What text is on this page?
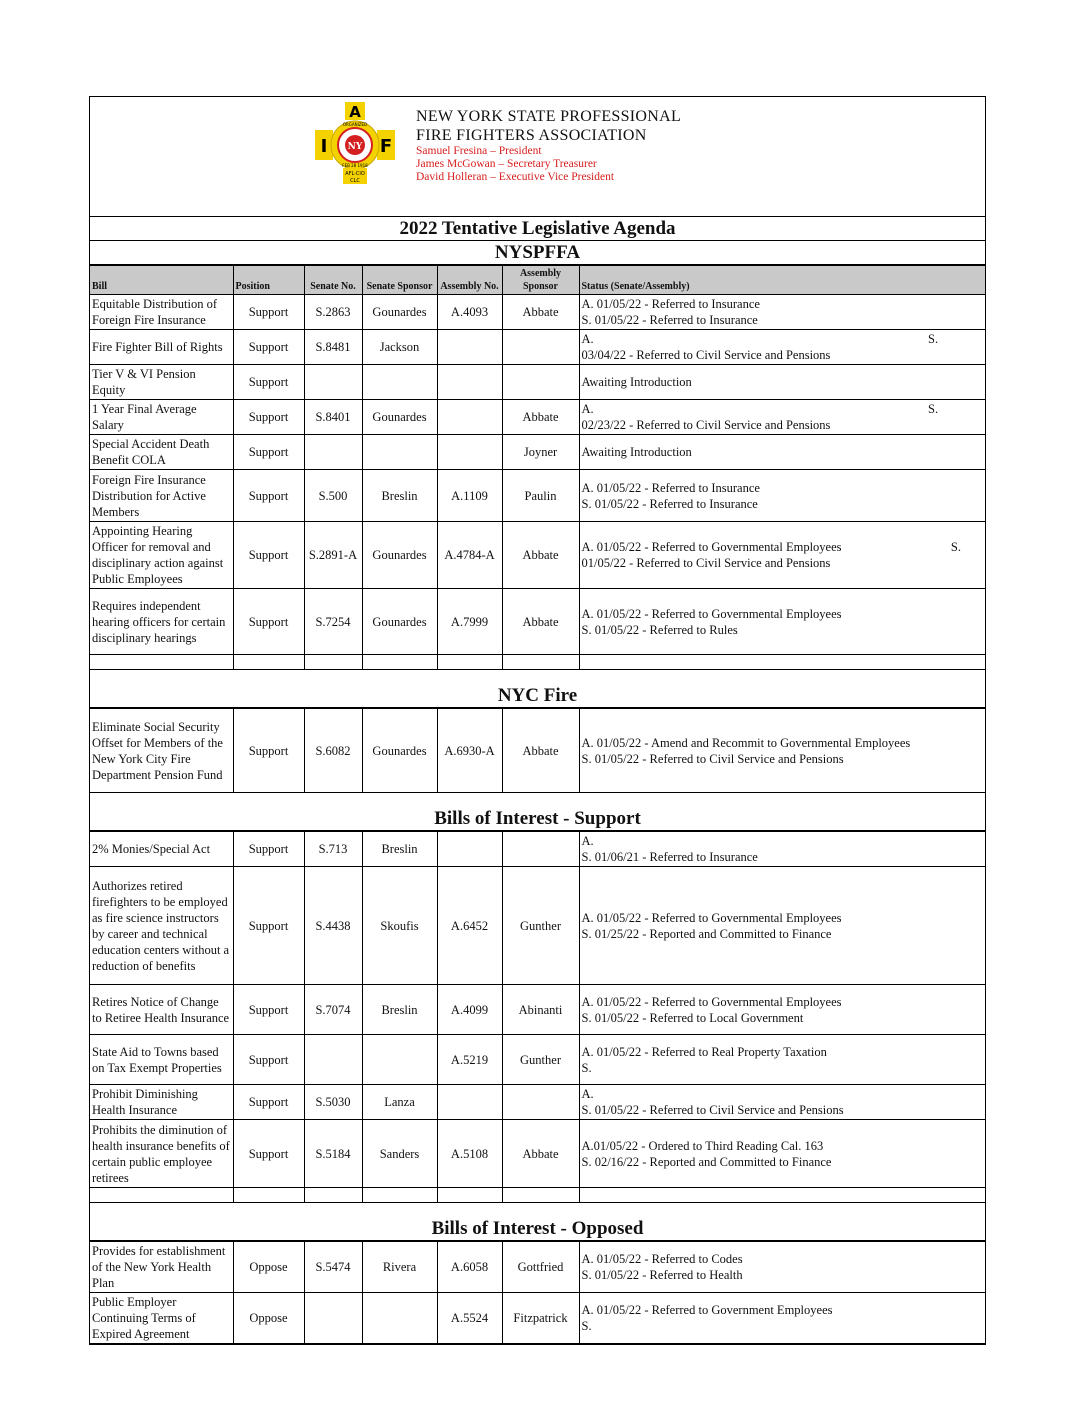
A
I	F
NY
ORGANIZED
FEB 28 1918
AFL·CIO
CLC
NEW YORK STATE PROFESSIONAL
FIRE FIGHTERS ASSOCIATION
Samuel Fresina – President
James McGowan – Secretary Treasurer
David Holleran – Executive Vice President
2022 Tentative Legislative Agenda
NYSPFFA
Bill	Position	Senate No.	Senate Sponsor	Assembly No.	Assembly Sponsor	Status (Senate/Assembly)
Equitable Distribution of Foreign Fire Insurance	Support	S.2863	Gounardes	A.4093	Abbate	A. 01/05/22 - Referred to Insurance
S. 01/05/22 - Referred to Insurance

Fire Fighter Bill of Rights	Support	S.8481	Jackson			A.                                                                                                           S.
03/04/22 - Referred to Civil Service and Pensions

Tier V & VI Pension Equity	Support					Awaiting Introduction

1 Year Final Average Salary	Support	S.8401	Gounardes		Abbate	A.                                                                                                           S.
02/23/22 - Referred to Civil Service and Pensions

Special Accident Death Benefit COLA	Support				Joyner	Awaiting Introduction

Foreign Fire Insurance Distribution for Active Members	Support	S.500	Breslin	A.1109	Paulin	A. 01/05/22 - Referred to Insurance
S. 01/05/22 - Referred to Insurance

Appointing Hearing Officer for removal and disciplinary action against Public Employees	Support	S.2891-A	Gounardes	A.4784-A	Abbate	A. 01/05/22 - Referred to Governmental Employees                                   S.
01/05/22 - Referred to Civil Service and Pensions

Requires independent hearing officers for certain disciplinary hearings	Support	S.7254	Gounardes	A.7999	Abbate	A. 01/05/22 - Referred to Governmental Employees
S. 01/05/22 - Referred to Rules

NYC Fire
Eliminate Social Security Offset for Members of the New York City Fire Department Pension Fund	Support	S.6082	Gounardes	A.6930-A	Abbate	
A. 01/05/22 - Amend and Recommit to Governmental Employees
S. 01/05/22 - Referred to Civil Service and Pensions
Bills of Interest - Support
2% Monies/Special Act	Support	S.713	Breslin			A.
S. 01/06/21 - Referred to Insurance

Authorizes retired firefighters to be employed as fire science instructors by career and technical education centers without a reduction of benefits	Support	S.4438	Skoufis	A.6452	Gunther	A. 01/05/22 - Referred to Governmental Employees
S. 01/25/22 - Reported and Committed to Finance

Retires Notice of Change to Retiree Health Insurance	Support	S.7074	Breslin	A.4099	Abinanti	A. 01/05/22 - Referred to Governmental Employees
S. 01/05/22 - Referred to Local Government

State Aid to Towns based on Tax Exempt Properties	Support			A.5219	Gunther	A. 01/05/22 - Referred to Real Property Taxation
S.

Prohibit Diminishing Health Insurance	Support	S.5030	Lanza			A.
S. 01/05/22 - Referred to Civil Service and Pensions

Prohibits the diminution of health insurance benefits of certain public employee retirees	Support	S.5184	Sanders	A.5108	Abbate	A.01/05/22 - Ordered to Third Reading Cal. 163
S. 02/16/22 - Reported and Committed to Finance

Bills of Interest - Opposed
Provides for establishment of the New York Health Plan	Oppose	S.5474	Rivera	A.6058	Gottfried	A. 01/05/22 - Referred to Codes
S. 01/05/22 - Referred to Health

Public Employer Continuing Terms of Expired Agreement	Oppose			A.5524	Fitzpatrick	A. 01/05/22 - Referred to Government Employees
S.
